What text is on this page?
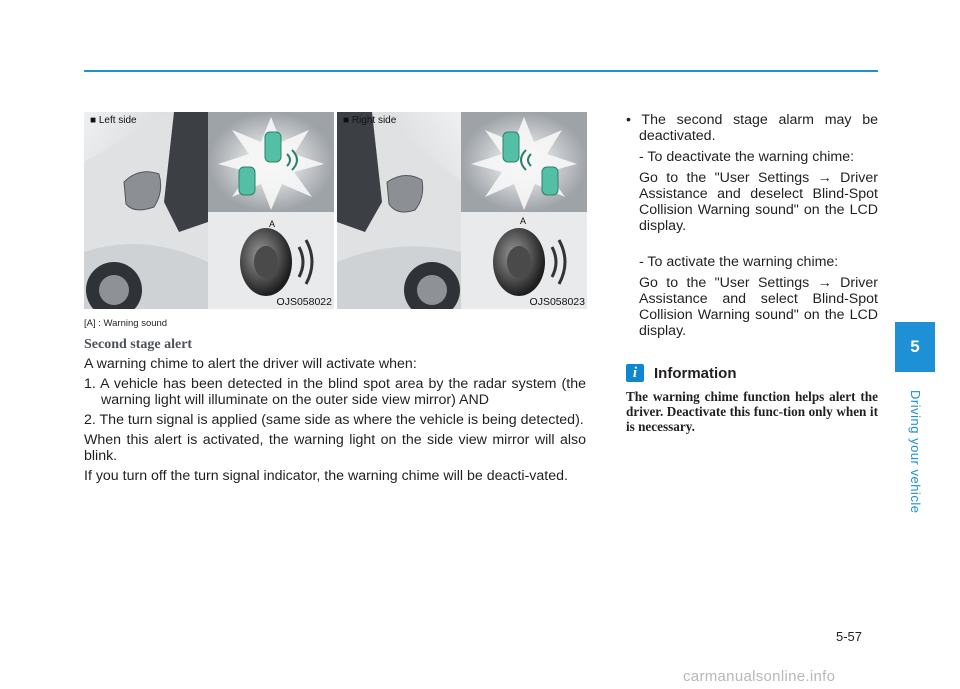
■ Left side
A
OJS058022
■ Right side
A
OJS058023
[A] : Warning sound
Second stage alert
A warning chime to alert the driver will activate when:
1. A vehicle has been detected in the blind spot area by the radar system (the warning light will illuminate on the outer side view mirror) AND
2. The turn signal is applied (same side as where the vehicle is being detected).
When this alert is activated, the warning light on the side view mirror will also blink.
If you turn off the turn signal indicator, the warning chime will be deacti-vated.
• The second stage alarm may be deactivated.
- To deactivate the warning chime:
Go to the "User Settings → Driver Assistance and deselect Blind-Spot Collision Warning sound" on the LCD display.
- To activate the warning chime:
Go to the "User Settings → Driver Assistance and select Blind-Spot Collision Warning sound" on the LCD display.
i	Information
The warning chime function helps alert the driver. Deactivate this func-tion only when it is necessary.
5
Driving your vehicle
5-57
carmanualsonline.info
